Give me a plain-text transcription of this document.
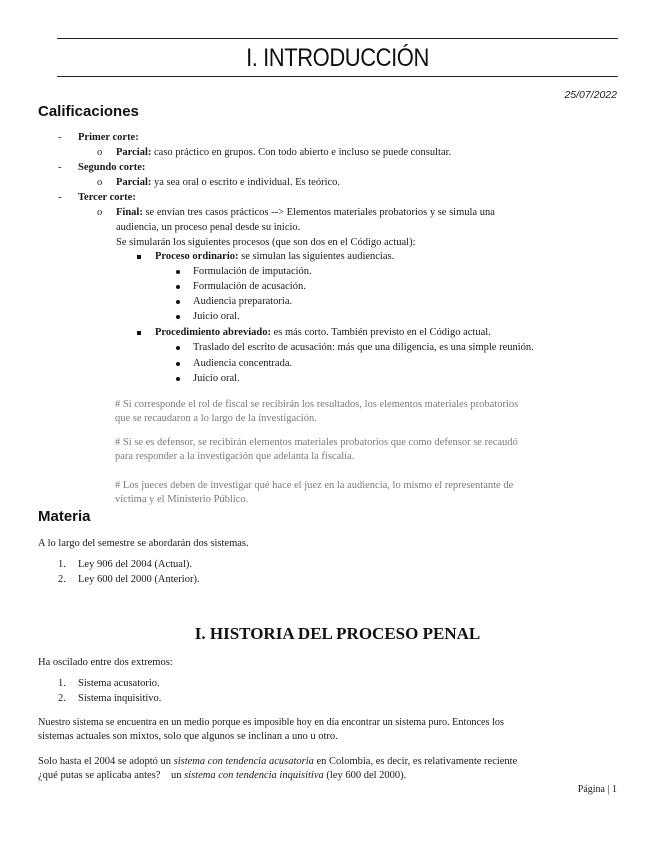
I. INTRODUCCIÓN
25/07/2022
Calificaciones
- Primer corte:
o Parcial: caso práctico en grupos. Con todo abierto e incluso se puede consultar.
- Segundo corte:
o Parcial: ya sea oral o escrito e individual. Es teórico.
- Tercer corte:
o Final: se envían tres casos prácticos --> Elementos materiales probatorios y se simula una
audiencia, un proceso penal desde su inicio.
Se simularán los siguientes procesos (que son dos en el Código actual):
Proceso ordinario: se simulan las siguientes audiencias.
Formulación de imputación.
Formulación de acusación.
Audiencia preparatoria.
Juicio oral.
Procedimiento abreviado: es más corto. También previsto en el Código actual.
Traslado del escrito de acusación: más que una diligencia, es una simple reunión.
Audiencia concentrada.
Juicio oral.
# Si corresponde el rol de fiscal se recibirán los resultados, los elementos materiales probatorios
que se recaudaron a lo largo de la investigación.
# Si se es defensor, se recibirán elementos materiales probatorios que como defensor se recaudó
para responder a la investigación que adelanta la fiscalía.
# Los jueces deben de investigar qué hace el juez en la audiencia, lo mismo el representante de
víctima y el Ministerio Público.
Materia
A lo largo del semestre se abordarán dos sistemas.
1. Ley 906 del 2004 (Actual).
2. Ley 600 del 2000 (Anterior).
I. HISTORIA DEL PROCESO PENAL
Ha oscilado entre dos extremos:
1. Sistema acusatorio.
2. Sistema inquisitivo.
Nuestro sistema se encuentra en un medio porque es imposible hoy en día encontrar un sistema puro. Entonces los
sistemas actuales son mixtos, solo que algunos se inclinan a uno u otro.
Solo hasta el 2004 se adoptó un sistema con tendencia acusatoria en Colombia, es decir, es relativamente reciente
¿qué putas se aplicaba antes?    un sistema con tendencia inquisitiva (ley 600 del 2000).
Página | 1
